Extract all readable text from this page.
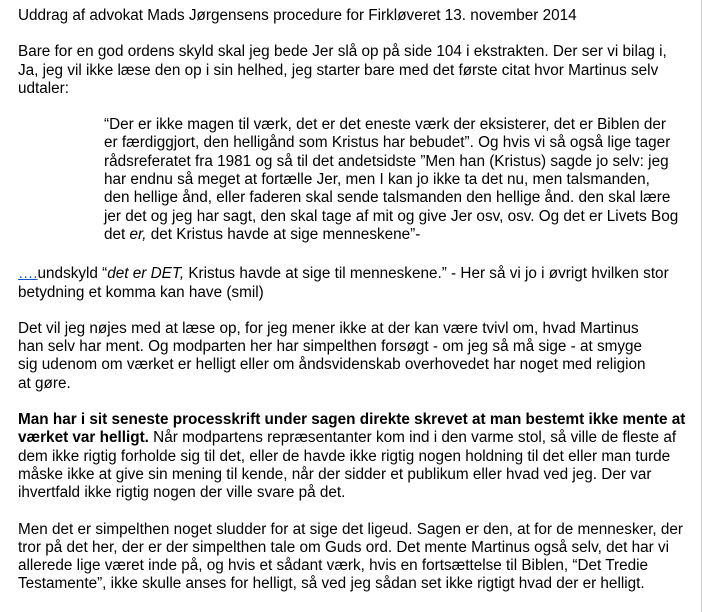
Uddrag af advokat Mads Jørgensens procedure for Firkløveret 13. november 2014

Bare for en god ordens skyld skal jeg bede Jer slå op på side 104 i ekstrakten. Der ser vi bilag i, Ja, jeg vil ikke læse den op i sin helhed, jeg starter bare med det første citat hvor Martinus selv udtaler:

“Der er ikke magen til værk, det er det eneste værk der eksisterer, det er Biblen der er færdiggjort, den helligånd som Kristus har bebudet”. Og hvis vi så også lige tager rådsreferatet fra 1981 og så til det andetsidste ”Men han (Kristus) sagde jo selv: jeg har endnu så meget at fortælle Jer, men I kan jo ikke ta det nu, men talsmanden, den hellige ånd, eller faderen skal sende talsmanden den hellige ånd. den skal lære jer det og jeg har sagt, den skal tage af mit og give Jer osv, osv. Og det er Livets Bog det er, det Kristus havde at sige menneskene”-

….undskyld “det er DET, Kristus havde at sige til menneskene.” - Her så vi jo i øvrigt hvilken stor betydning et komma kan have (smil)

Det vil jeg nøjes med at læse op, for jeg mener ikke at der kan være tvivl om, hvad Martinus han selv har ment. Og modparten her har simpelthen forsøgt - om jeg så må sige - at smyge sig udenom om værket er helligt eller om åndsvidenskab overhovedet har noget med religion at gøre.

Man har i sit seneste processkrift under sagen direkte skrevet at man bestemt ikke mente at værket var helligt. Når modpartens repræsentanter kom ind i den varme stol, så ville de fleste af dem ikke rigtig forholde sig til det, eller de havde ikke rigtig nogen holdning til det eller man turde måske ikke at give sin mening til kende, når der sidder et publikum eller hvad ved jeg. Der var ihvertfald ikke rigtig nogen der ville svare på det.

Men det er simpelthen noget sludder for at sige det ligeud. Sagen er den, at for de mennesker, der tror på det her, der er der simpelthen tale om Guds ord. Det mente Martinus også selv, det har vi allerede lige været inde på, og hvis et sådant værk, hvis en fortsættelse til Biblen, “Det Tredie Testamente”, ikke skulle anses for helligt, så ved jeg sådan set ikke rigtigt hvad der er helligt.
